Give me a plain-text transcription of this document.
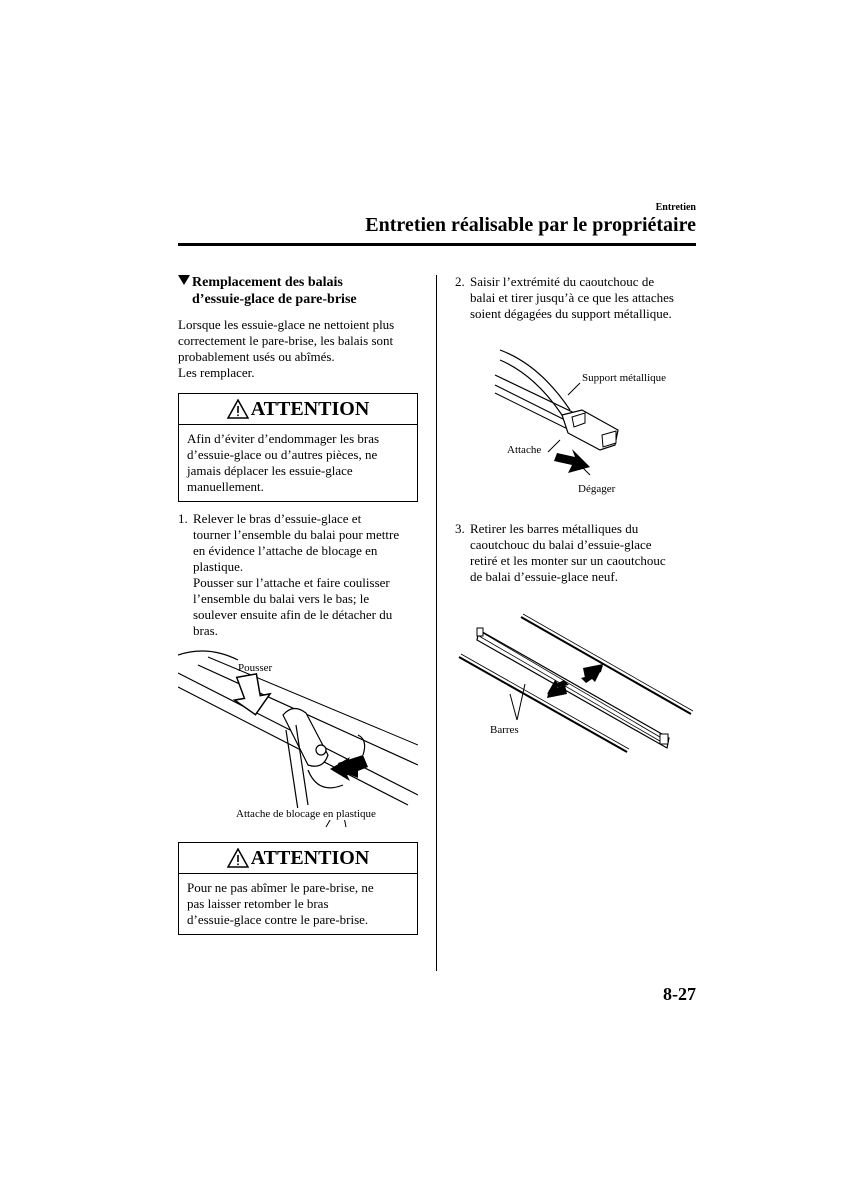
Entretien
Entretien réalisable par le propriétaire
Remplacement des balais
d’essuie-glace de pare-brise
Lorsque les essuie-glace ne nettoient plus
correctement le pare-brise, les balais sont
probablement usés ou abîmés.
Les remplacer.
ATTENTION
Afin d’éviter d’endommager les bras
d’essuie-glace ou d’autres pièces, ne
jamais déplacer les essuie-glace
manuellement.
1. Relever le bras d’essuie-glace et
tourner l’ensemble du balai pour mettre
en évidence l’attache de blocage en
plastique.
Pousser sur l’attache et faire coulisser
l’ensemble du balai vers le bas; le
soulever ensuite afin de le détacher du
bras.
Pousser
Attache de blocage en plastique
ATTENTION
Pour ne pas abîmer le pare-brise, ne
pas laisser retomber le bras
d’essuie-glace contre le pare-brise.
2. Saisir l’extrémité du caoutchouc de
balai et tirer jusqu’à ce que les attaches
soient dégagées du support métallique.
Support métallique
Attache
Dégager
3. Retirer les barres métalliques du
caoutchouc du balai d’essuie-glace
retiré et les monter sur un caoutchouc
de balai d’essuie-glace neuf.
Barres
8-27
